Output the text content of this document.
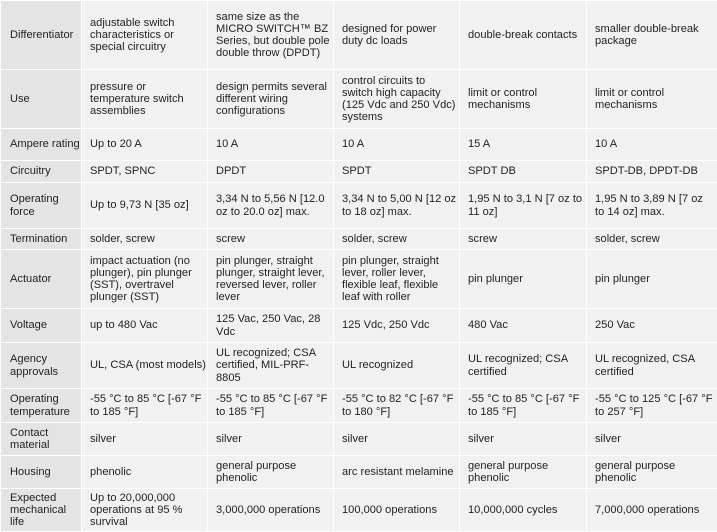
Differentiator	adjustable switch characteristics or special circuitry	same size as the MICRO SWITCH™ BZ Series, but double pole double throw (DPDT)	designed for power duty dc loads	double-break contacts	smaller double-break package
Use	pressure or temperature switch assemblies	design permits several different wiring configurations	control circuits to switch high capacity (125 Vdc and 250 Vdc) systems	limit or control mechanisms	limit or control mechanisms
Ampere rating	Up to 20 A	10 A	10 A	15 A	10 A
Circuitry	SPDT, SPNC	DPDT	SPDT	SPDT DB	SPDT-DB, DPDT-DB
Operating force	Up to 9,73 N [35 oz]	3,34 N to 5,56 N [12.0 oz to 20.0 oz] max.	3,34 N to 5,00 N [12 oz to 18 oz] max.	1,95 N to 3,1 N [7 oz to 11 oz]	1,95 N to 3,89 N [7 oz to 14 oz] max.
Termination	solder, screw	screw	solder, screw	screw	solder, screw
Actuator	impact actuation (no plunger), pin plunger (SST), overtravel plunger (SST)	pin plunger, straight plunger, straight lever, reversed lever, roller lever	pin plunger, straight lever, roller lever, flexible leaf, flexible leaf with roller	pin plunger	pin plunger
Voltage	up to 480 Vac	125 Vac, 250 Vac, 28 Vdc	125 Vdc, 250 Vdc	480 Vac	250 Vac
Agency approvals	UL, CSA (most models)	UL recognized; CSA certified, MIL-PRF-8805	UL recognized	UL recognized; CSA certified	UL recognized, CSA certified
Operating temperature	-55 °C to 85 °C [-67 °F to 185 °F]	-55 °C to 85 °C [-67 °F to 185 °F]	-55 °C to 82 °C [-67 °F to 180 °F]	-55 °C to 85 °C [-67 °F to 185 °F]	-55 °C to 125 °C [-67 °F to 257 °F]
Contact material	silver	silver	silver	silver	silver
Housing	phenolic	general purpose phenolic	arc resistant melamine	general purpose phenolic	general purpose phenolic
Expected mechanical life	Up to 20,000,000 operations at 95 % survival	3,000,000 operations	100,000 operations	10,000,000 cycles	7,000,000 operations
